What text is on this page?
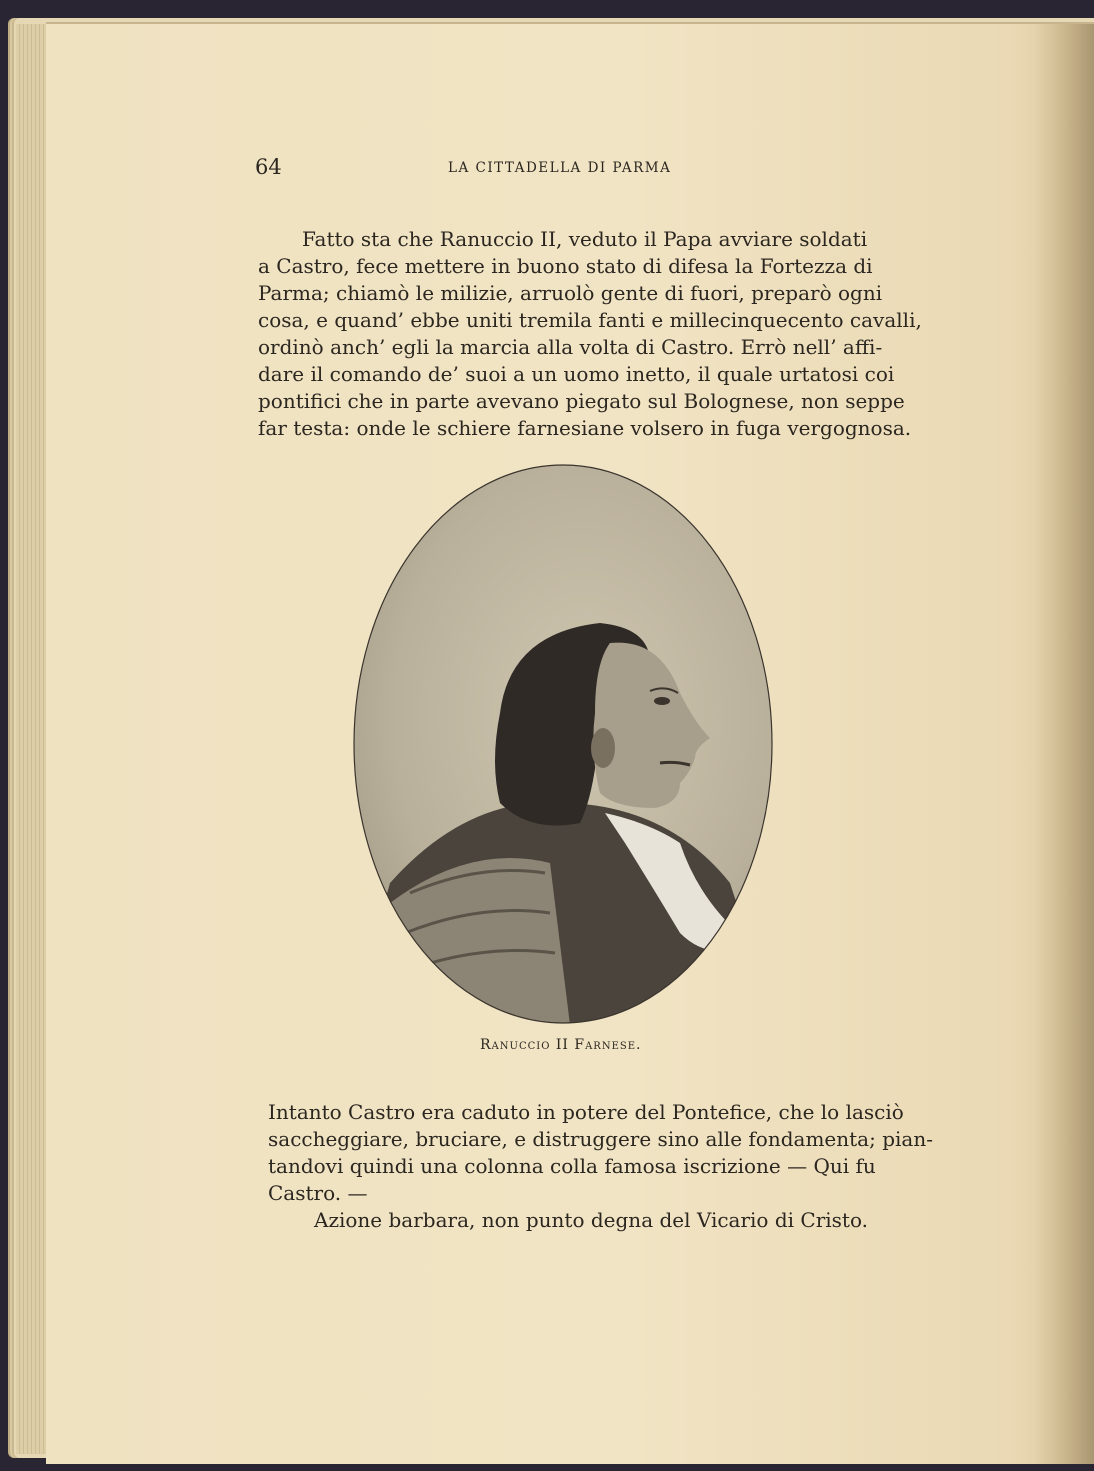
64	LA CITTADELLA DI PARMA
Fatto sta che Ranuccio II, veduto il Papa avviare soldati
a Castro, fece mettere in buono stato di difesa la Fortezza di
Parma; chiamò le milizie, arruolò gente di fuori, preparò ogni
cosa, e quand’ ebbe uniti tremila fanti e millecinquecento cavalli,
ordinò anch’ egli la marcia alla volta di Castro. Errò nell’ affi-
dare il comando de’ suoi a un uomo inetto, il quale urtatosi coi
pontifici che in parte avevano piegato sul Bolognese, non seppe
far testa: onde le schiere farnesiane volsero in fuga vergognosa.
Ranuccio II Farnese.
Intanto Castro era caduto in potere del Pontefice, che lo lasciò
saccheggiare, bruciare, e distruggere sino alle fondamenta; pian-
tandovi quindi una colonna colla famosa iscrizione — Qui fu
Castro. —
Azione barbara, non punto degna del Vicario di Cristo.
